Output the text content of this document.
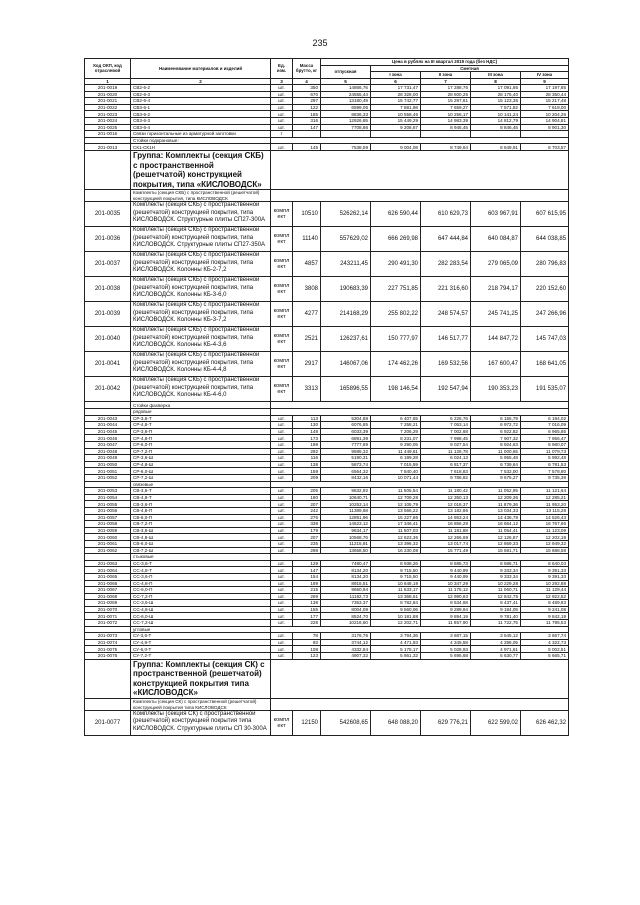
235
Код ОКП, код отраслевой	Наименование материалов и изделий	Ед. изм.	Масса брутто, кг	Цена в рублях на III квартал 2019 года (без НДС)				
				отпускная	Сметная			
					I зона	II зона	III зона	IV зона
1	2	3	4	5	6	7	8	9
201-0019	СВ2-6-2	шт.	350	14866,76	17 731,47	17 288,76	17 091,86	17 197,85
201-0020	СВ2-6-3	шт.	670	24555,44	28 328,00	28 500,25	28 175,40	28 350,44
201-0021	СВ2-6-4	шт.	297	13180,49	15 742,77	15 297,61	15 123,35	15 217,48
201-0022	СВ3-6-1	шт.	122	6599,05	7 881,98	7 659,27	7 571,82	7 619,00
201-0023	СВ3-6-2	шт.	185	8836,33	10 558,46	10 256,17	10 141,24	10 204,26
201-0024	СВ3-6-3	шт.	316	12926,65	15 449,29	14 983,39	14 812,79	14 904,81
201-0025	СВ3-6-4	шт.	147	7708,86	9 208,67	8 945,45	8 846,45	8 901,30
201-0016	Связи горизонтальные из арматурной заготовки	т						
	Стойки подкрановые:							
201-0013	СК1-СК1Н	шт.	145	7538,59	9 004,08	8 749,64	8 649,91	8 703,57
	Группа: Комплекты (секция СКБ) с пространственной (решетчатой) конструкцией покрытия, типа «КИСЛОВОДСК»							
	Комплекты (секция СКБ) с пространственной (решетчатой) конструкцией покрытия, типа КИСЛОВОДСК							
201-0035	Комплекты (секция СКБ) с пространственной (решетчатой) конструкцией покрытия, типа КИСЛОВОДСК. Структурные плиты СП27-300А	компл ект	10510	526262,14	626 590,44	610 629,73	603 967,91	607 615,95
201-0036	Комплекты (секция СКБ) с пространственной (решетчатой) конструкцией покрытия, типа КИСЛОВОДСК. Структурные плиты СП27-350А	компл ект	11140	557629,02	666 269,98	647 444,84	640 084,87	644 038,85
201-0037	Комплекты (секция СКБ) с пространственной (решетчатой) конструкцией покрытия, типа КИСЛОВОДСК. Колонны КБ-2-7,2	компл ект	4857	243211,45	290 491,30	282 283,54	279 065,09	280 796,83
201-0038	Комплекты (секция СКБ) с пространственной (решетчатой) конструкцией покрытия, типа КИСЛОВОДСК. Колонны КБ-3-6,0	компл ект	3808	190683,39	227 751,85	221 316,60	218 794,17	220 152,60
201-0039	Комплекты (секция СКБ) с пространственной (решетчатой) конструкцией покрытия, типа КИСЛОВОДСК. Колонны КБ-3-7,2	компл ект	4277	214168,29	255 802,22	248 574,57	245 741,25	247 266,96
201-0040	Комплекты (секция СКБ) с пространственной (решетчатой) конструкцией покрытия, типа КИСЛОВОДСК. Колонны КБ-4-3,6	компл ект	2521	126237,61	150 777,97	146 517,77	144 847,72	145 747,03
201-0041	Комплекты (секция СКБ) с пространственной (решетчатой) конструкцией покрытия, типа КИСЛОВОДСК. Колонны КБ-4-4,8	компл ект	2917	146067,06	174 462,26	169 532,56	167 600,47	168 641,05
201-0042	Комплекты (секция СКБ) с пространственной (решетчатой) конструкцией покрытия, типа КИСЛОВОДСК. Колонны КБ-4-6,0	компл ект	3313	165896,55	198 146,54	192 547,94	190 353,23	191 535,07
	Стойки фахверка							
	рядовые							
201-0043	СР-3,6-Т	шт.	113	5304,88	6 407,65	6 226,76	6 155,79	6 194,02
201-0044	СР-4,8-Т	шт.	130	6076,85	7 258,21	7 053,14	6 972,72	7 016,09
201-0045	СР-3,6-П	шт.	148	6033,39	7 206,29	7 002,68	6 922,82	6 965,85
201-0046	СР-4,8-П	шт.	173	6891,39	8 231,07	7 998,45	7 907,32	7 956,47
201-0047	СР-6,0-П	шт.	198	7777,69	9 290,05	9 027,54	8 924,63	8 980,07
201-0048	СР-7,2-П	шт.	292	9585,32	11 449,61	11 126,78	11 000,65	11 079,73
201-0049	СР-3,6-Ш	шт.	116	5190,31	6 199,28	6 024,13	5 955,48	5 992,48
201-0050	СР-4,8-Ш	шт.	138	5873,74	7 015,59	6 817,37	6 739,64	6 781,53
201-0051	СР-6,0-Ш	шт.	159	6564,32	7 840,40	7 618,83	7 532,00	7 578,80
201-0052	СР-7,2-Ш	шт.	209	8432,16	10 071,44	9 786,82	9 675,27	9 735,39
	связевые							
201-0053	СВ-3,6-Т	шт.	205	9632,92	11 505,54	11 180,42	11 052,95	11 121,64
201-0054	СВ-4,8-Т	шт.	180	10640,71	12 709,28	12 350,13	12 209,36	12 285,21
201-0055	СВ-3,6-П	шт.	207	10253,14	12 105,79	12 018,37	11 879,36	11 953,20
201-0056	СВ-4,8-П	шт.	242	11389,68	13 566,22	13 182,86	13 034,33	13 115,28
201-0057	СВ-6,0-П	шт.	276	12891,96	15 227,86	14 863,24	14 436,78	14 526,43
201-0058	СВ-7,2-П	шт.	338	14523,12	17 346,41	16 856,28	16 664,12	16 767,66
201-0059	СВ-3,6-Ш	шт.	179	9634,17	11 507,03	11 181,88	11 054,41	11 123,09
201-0060	СВ-4,8-Ш	шт.	207	10568,76	12 623,36	12 266,69	12 126,87	12 202,19
201-0061	СВ-6,0-Ш	шт.	235	11215,91	13 396,32	13 017,74	12 869,33	12 949,32
201-0062	СВ-7,2-Ш	шт.	298	13658,50	16 230,08	15 771,49	15 591,71	15 688,58
	стыковые							
201-0063	СС-3,6-Т	шт.	129	7480,47	8 938,26	8 685,73	8 586,71	8 640,03
201-0064	СС-4,8-Т	шт.	147	8134,20	9 715,50	9 440,99	9 333,34	9 391,33
201-0065	СС-3,6-П	шт.	154	8134,20	9 715,50	9 440,99	9 333,34	9 391,33
201-0066	СС-4,8-П	шт.	189	8915,51	10 648,19	10 347,29	10 229,28	10 292,88
201-0067	СС-6,0-П	шт.	215	9650,94	11 533,17	11 175,12	11 060,71	11 129,44
201-0068	СС-7,2-П	шт.	269	11192,73	13 368,61	12 990,83	12 842,75	12 922,52
201-0069	СС-3,6-Ш	шт.	138	7353,37	8 782,84	8 534,68	8 437,41	8 489,83
201-0070	СС-4,8-Ш	шт.	155	8004,09	9 560,06	9 289,94	9 184,05	9 241,08
201-0071	СС-6,0-Ш	шт.	177	8524,70	10 181,88	9 894,19	9 781,40	9 842,19
201-0072	СС-7,2-Ш	шт.	228	10216,60	12 202,71	11 857,90	11 722,75	11 795,53
	угловые							
201-0073	СУ-3,6-Т	шт.	78	3176,76	3 794,36	3 687,15	3 645,12	3 667,74
201-0074	СУ-4,8-Т	шт.	93	3744,12	4 471,93	4 345,58	4 296,05	4 322,73
201-0075	СУ-6,0-Т	шт.	108	4332,84	5 175,17	5 028,93	4 971,61	5 002,51
201-0076	СУ-7,2-Т	шт.	123	4907,32	5 861,32	5 695,68	5 630,77	5 665,71
	Группа: Комплекты (секция СК) с пространственной (решетчатой) конструкцией покрытия типа «КИСЛОВОДСК»							
	Комплекты (секция СК) с пространственной (решетчатой) конструкцией покрытия типа КИСЛОВОДСК							
201-0077	Комплекты (секция СК) с пространственной (решетчатой) конструкцией покрытия типа КИСЛОВОДСК. Структурные плиты СП 30-300А	компл ект	12150	542608,65	648 088,20	629 776,21	622 599,02	626 462,32
